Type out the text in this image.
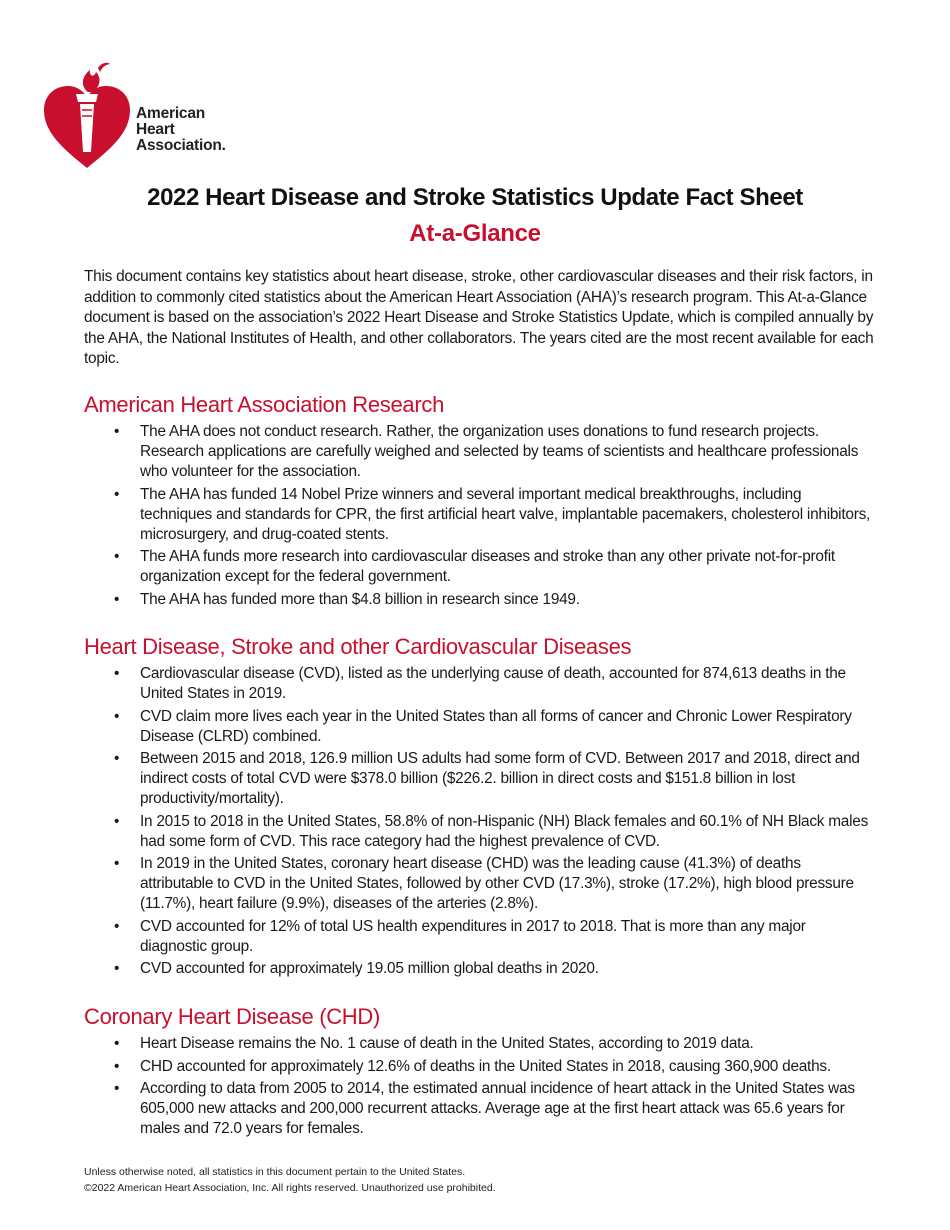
American
Heart
Association.
2022 Heart Disease and Stroke Statistics Update Fact Sheet
At-a-Glance
This document contains key statistics about heart disease, stroke, other cardiovascular diseases and their risk factors, in addition to commonly cited statistics about the American Heart Association (AHA)’s research program. This At-a-Glance document is based on the association’s 2022 Heart Disease and Stroke Statistics Update, which is compiled annually by the AHA, the National Institutes of Health, and other collaborators. The years cited are the most recent available for each topic.
American Heart Association Research
• The AHA does not conduct research. Rather, the organization uses donations to fund research projects. Research applications are carefully weighed and selected by teams of scientists and healthcare professionals who volunteer for the association.
• The AHA has funded 14 Nobel Prize winners and several important medical breakthroughs, including techniques and standards for CPR, the first artificial heart valve, implantable pacemakers, cholesterol inhibitors, microsurgery, and drug-coated stents.
• The AHA funds more research into cardiovascular diseases and stroke than any other private not-for-profit organization except for the federal government.
• The AHA has funded more than $4.8 billion in research since 1949.
Heart Disease, Stroke and other Cardiovascular Diseases
• Cardiovascular disease (CVD), listed as the underlying cause of death, accounted for 874,613 deaths in the United States in 2019.
• CVD claim more lives each year in the United States than all forms of cancer and Chronic Lower Respiratory Disease (CLRD) combined.
• Between 2015 and 2018, 126.9 million US adults had some form of CVD. Between 2017 and 2018, direct and indirect costs of total CVD were $378.0 billion ($226.2. billion in direct costs and $151.8 billion in lost productivity/mortality).
• In 2015 to 2018 in the United States, 58.8% of non-Hispanic (NH) Black females and 60.1% of NH Black males had some form of CVD. This race category had the highest prevalence of CVD.
• In 2019 in the United States, coronary heart disease (CHD) was the leading cause (41.3%) of deaths attributable to CVD in the United States, followed by other CVD (17.3%), stroke (17.2%), high blood pressure (11.7%), heart failure (9.9%), diseases of the arteries (2.8%).
• CVD accounted for 12% of total US health expenditures in 2017 to 2018. That is more than any major diagnostic group.
• CVD accounted for approximately 19.05 million global deaths in 2020.
Coronary Heart Disease (CHD)
• Heart Disease remains the No. 1 cause of death in the United States, according to 2019 data.
• CHD accounted for approximately 12.6% of deaths in the United States in 2018, causing 360,900 deaths.
• According to data from 2005 to 2014, the estimated annual incidence of heart attack in the United States was 605,000 new attacks and 200,000 recurrent attacks. Average age at the first heart attack was 65.6 years for males and 72.0 years for females.
Unless otherwise noted, all statistics in this document pertain to the United States.
©2022 American Heart Association, Inc. All rights reserved. Unauthorized use prohibited.
